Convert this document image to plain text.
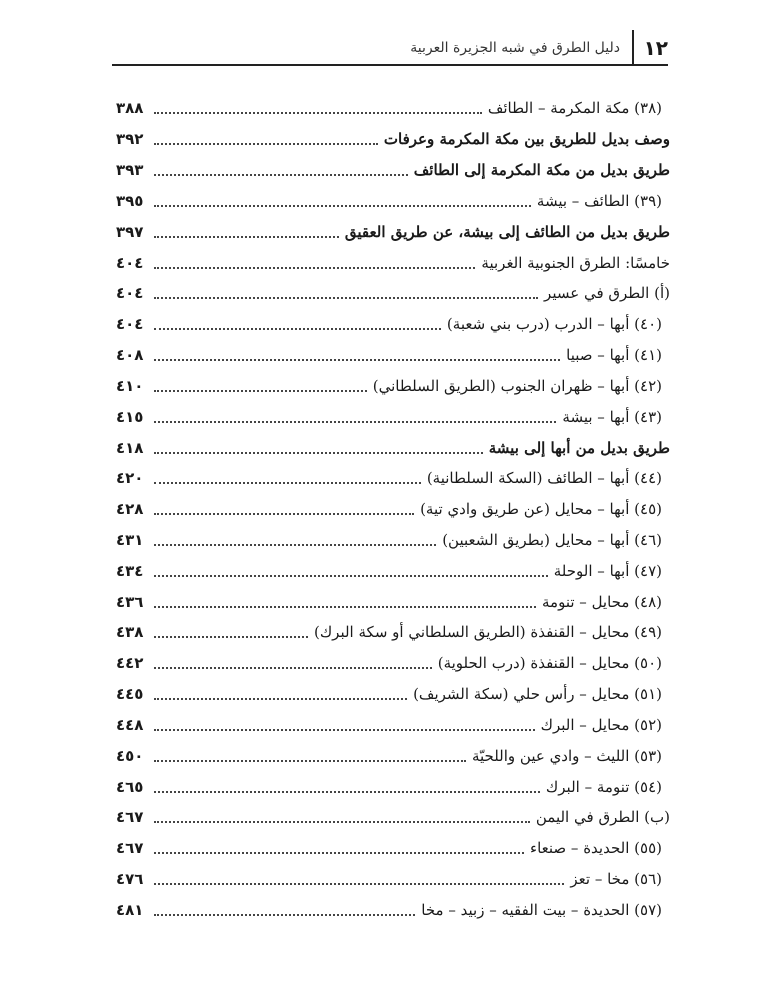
١٢
دليل الطرق في شبه الجزيرة العربية
(٣٨) مكة المكرمة – الطائف
٣٨٨
وصف بديل للطريق بين مكة المكرمة وعرفات
٣٩٢
طريق بديل من مكة المكرمة إلى الطائف
٣٩٣
(٣٩) الطائف – بيشة
٣٩٥
طريق بديل من الطائف إلى بيشة، عن طريق العقيق
٣٩٧
خامسًا: الطرق الجنوبية الغربية
٤٠٤
(أ) الطرق في عسير
٤٠٤
(٤٠) أبها – الدرب (درب بني شعبة)
٤٠٤
(٤١) أبها – صبيا
٤٠٨
(٤٢) أبها – ظهران الجنوب (الطريق السلطاني)
٤١٠
(٤٣) أبها – بيشة
٤١٥
طريق بديل من أبها إلى بيشة
٤١٨
(٤٤) أبها – الطائف (السكة السلطانية)
٤٢٠
(٤٥) أبها – محايل (عن طريق وادي تية)
٤٢٨
(٤٦) أبها – محايل (بطريق الشعبين)
٤٣١
(٤٧) أبها – الوحلة
٤٣٤
(٤٨) محايل – تنومة
٤٣٦
(٤٩) محايل – القنفذة (الطريق السلطاني أو سكة البرك)
٤٣٨
(٥٠) محايل – القنفذة (درب الحلوية)
٤٤٢
(٥١) محايل – رأس حلي (سكة الشريف)
٤٤٥
(٥٢) محايل – البرك
٤٤٨
(٥٣) الليث – وادي عين واللحيّة
٤٥٠
(٥٤) تنومة – البرك
٤٦٥
(ب) الطرق في اليمن
٤٦٧
(٥٥) الحديدة – صنعاء
٤٦٧
(٥٦) مخا – تعز
٤٧٦
(٥٧) الحديدة – بيت الفقيه – زبيد – مخا
٤٨١
